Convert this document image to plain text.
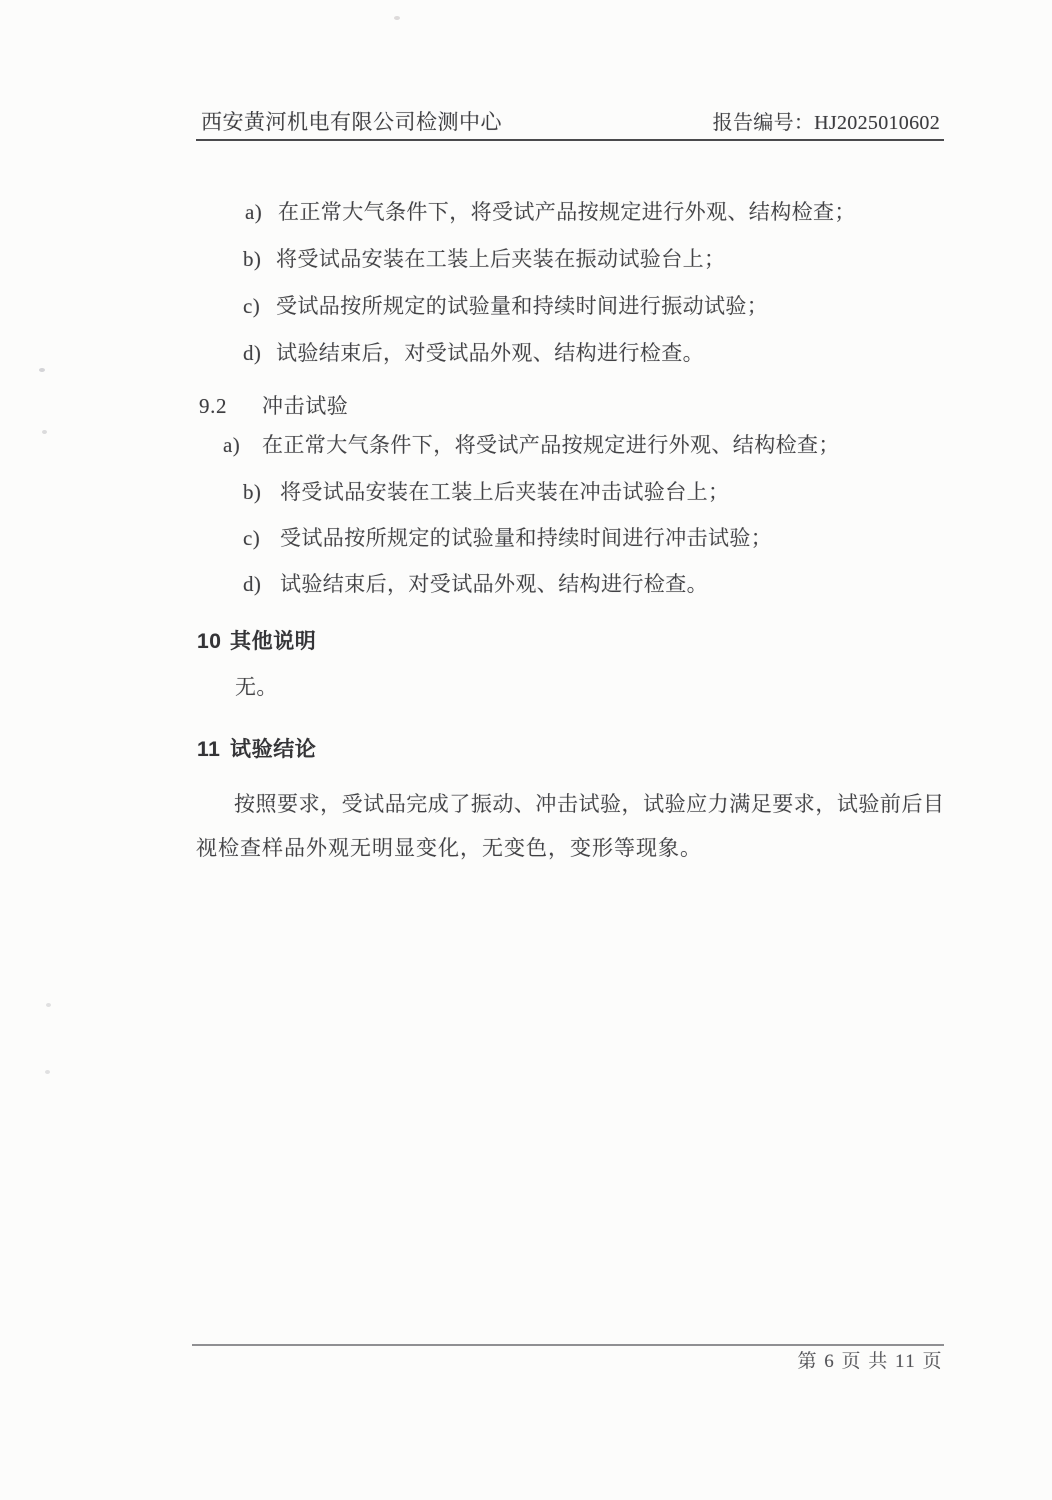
西安黄河机电有限公司检测中心	报告编号：HJ2025010602
a) 在正常大气条件下，将受试产品按规定进行外观、结构检查；
b) 将受试品安装在工装上后夹装在振动试验台上；
c) 受试品按所规定的试验量和持续时间进行振动试验；
d) 试验结束后，对受试品外观、结构进行检查。
9.2	冲击试验
a)	在正常大气条件下，将受试产品按规定进行外观、结构检查；
b) 将受试品安装在工装上后夹装在冲击试验台上；
c) 受试品按所规定的试验量和持续时间进行冲击试验；
d) 试验结束后，对受试品外观、结构进行检查。
10 其他说明
无。
11 试验结论
按照要求，受试品完成了振动、冲击试验，试验应力满足要求，试验前后目
视检查样品外观无明显变化，无变色，变形等现象。
第 6 页 共 11 页
